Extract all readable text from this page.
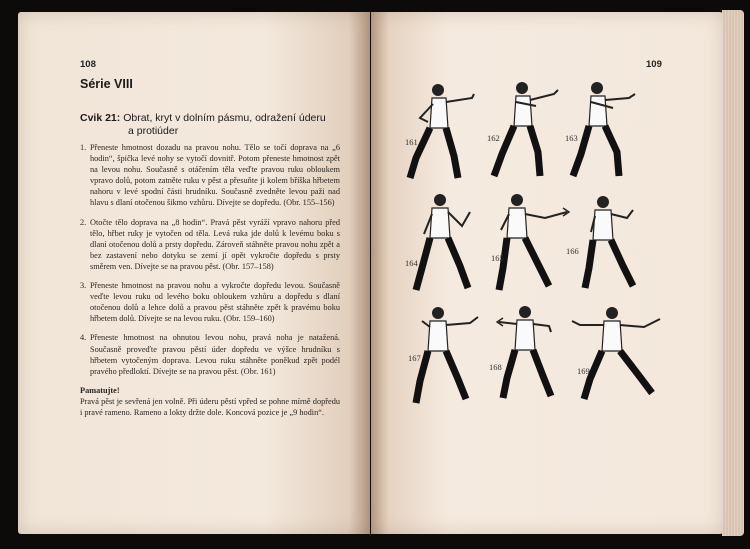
108
Série VIII
Cvik 21: Obrat, kryt v dolním pásmu, odražení úderu
a protiúder
1. Přeneste hmotnost dozadu na pravou nohu. Tělo se točí doprava na „6 hodin“, špička levé nohy se vytočí dovnitř. Potom přeneste hmotnost zpět na levou nohu. Současně s otáčením těla veďte pravou ruku obloukem vpravo dolů, potom zatněte ruku v pěst a přesuňte ji kolem bříška hřbetem nahoru v levé spodní části hrudníku. Současně zvedněte levou paži nad hlavu s dlaní otočenou šikmo vzhůru. Dívejte se dopředu. (Obr. 155–156)
2. Otočte tělo doprava na „8 hodin“. Pravá pěst vyráží vpravo nahoru před tělo, hřbet ruky je vytočen od těla. Levá ruka jde dolů k levému boku s dlaní otočenou dolů a prsty dopředu. Zároveň stáhněte pravou nohu zpět a bez zastavení nebo dotyku se zemí jí opět vykročte dopředu s prsty směrem ven. Dívejte se na pravou pěst. (Obr. 157–158)
3. Přeneste hmotnost na pravou nohu a vykročte dopředu levou. Současně veďte levou ruku od levého boku obloukem vzhůru a dopředu s dlaní otočenou dolů a lehce dolů a pravou pěst stáhněte zpět k pravému boku hřbetem dolů. Dívejte se na levou ruku. (Obr. 159–160)
4. Přeneste hmotnost na ohnutou levou nohu, pravá noha je natažená. Současně proveďte pravou pěstí úder dopředu ve výšce hrudníku s hřbetem vytočeným doprava. Levou ruku stáhněte poněkud zpět podél pravého předloktí. Dívejte se na pravou pěst. (Obr. 161)
Pamatujte!
Pravá pěst je sevřená jen volně. Při úderu pěstí vpřed se pohne mírně dopředu i pravé rameno. Rameno a lokty držte dole. Koncová pozice je „9 hodin“.
109
161	162	163
164	165
166
167
168	169
